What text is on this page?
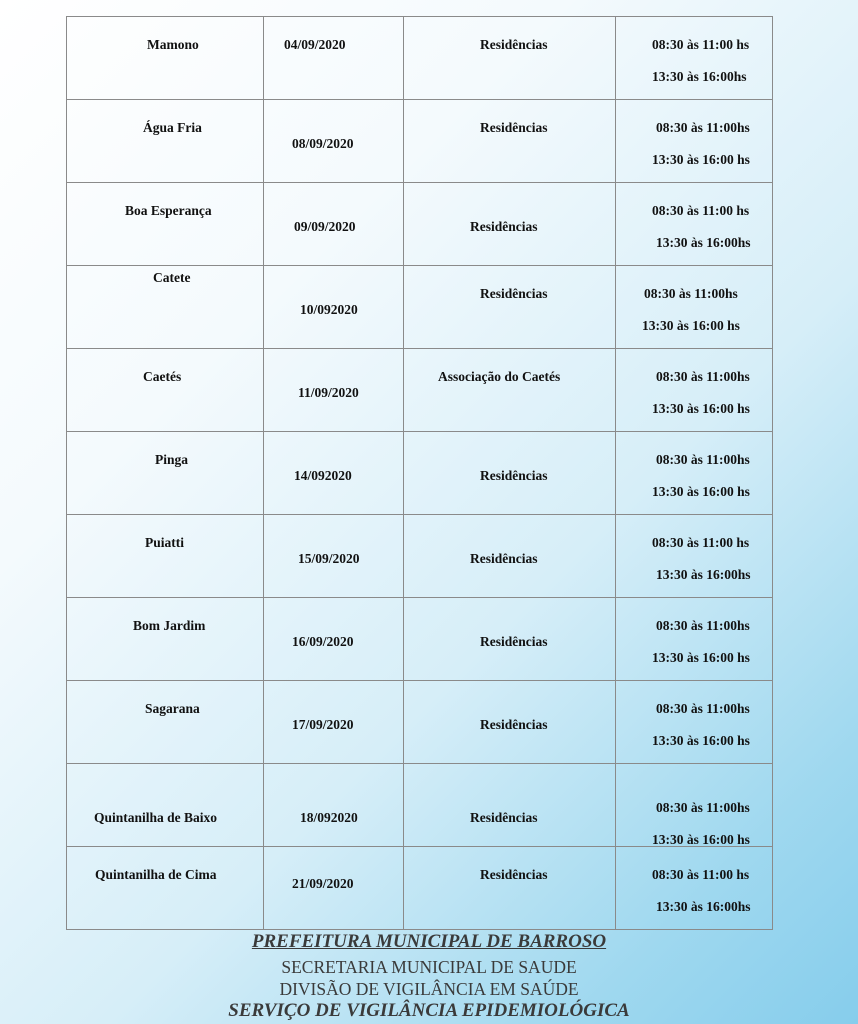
Mamono	04/09/2020	Residências	08:30 às 11:00 hs
13:30 às 16:00hs

Água Fria	08/09/2020	Residências	08:30 às 11:00hs
13:30 às 16:00 hs

Boa Esperança	09/09/2020	Residências	08:30 às 11:00 hs
13:30 às 16:00hs

Catete	10/092020	Residências	08:30 às 11:00hs
13:30 às 16:00 hs

Caetés	11/09/2020	Associação do Caetés	08:30 às 11:00hs
13:30 às 16:00 hs

Pinga	14/092020	Residências	08:30 às 11:00hs
13:30 às 16:00 hs

Puiatti	15/09/2020	Residências	08:30 às 11:00 hs
13:30 às 16:00hs

Bom Jardim	16/09/2020	Residências	08:30 às 11:00hs
13:30 às 16:00 hs

Sagarana	17/09/2020	Residências	08:30 às 11:00hs
13:30 às 16:00 hs

Quintanilha de Baixo	18/092020	Residências	08:30 às 11:00hs
13:30 às 16:00 hs

Quintanilha de Cima	21/09/2020	Residências	08:30 às 11:00 hs
13:30 às 16:00hs
PREFEITURA MUNICIPAL DE BARROSO
SECRETARIA MUNICIPAL DE SAUDE
DIVISÃO DE VIGILÂNCIA EM SAÚDE
SERVIÇO DE VIGILÂNCIA EPIDEMIOLÓGICA
